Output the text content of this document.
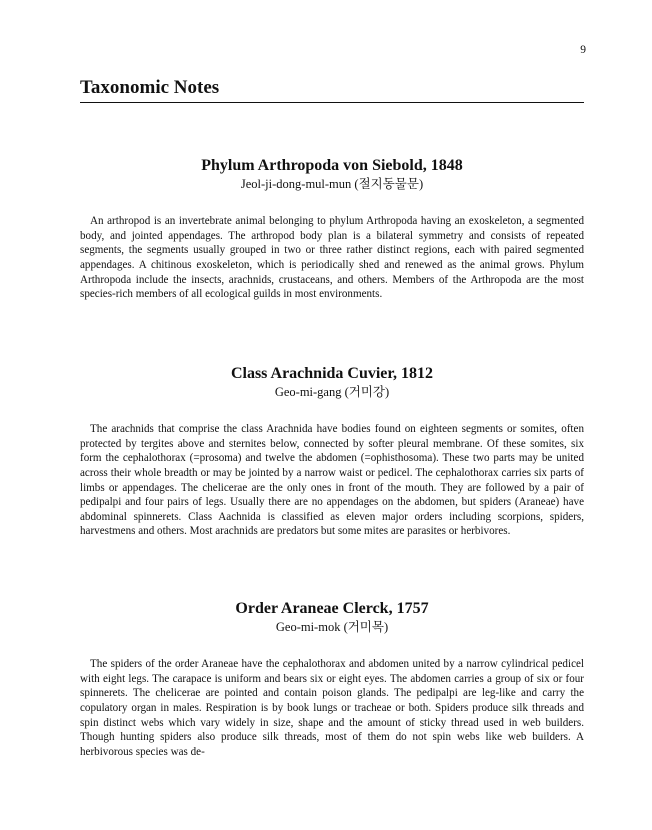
9
Taxonomic Notes
Phylum Arthropoda von Siebold, 1848

Jeol-ji-dong-mul-mun (절지동물문)

An arthropod is an invertebrate animal belonging to phylum Arthropoda having an exoskeleton, a segmented body, and jointed appendages. The arthropod body plan is a bilateral symmetry and consists of repeated segments, the segments usually grouped in two or three rather distinct regions, each with paired segmented appendages. A chitinous exoskeleton, which is periodically shed and renewed as the animal grows. Phylum Arthropoda include the insects, arachnids, crustaceans, and others. Members of the Arthropoda are the most species-rich members of all ecological guilds in most environments.

Class Arachnida Cuvier, 1812

Geo-mi-gang (거미강)

The arachnids that comprise the class Arachnida have bodies found on eighteen segments or somites, often protected by tergites above and sternites below, connected by softer pleural membrane. Of these somites, six form the cephalothorax (=prosoma) and twelve the abdomen (=ophisthosoma). These two parts may be united across their whole breadth or may be jointed by a narrow waist or pedicel. The cephalothorax carries six parts of limbs or appendages. The chelicerae are the only ones in front of the mouth. They are followed by a pair of pedipalpi and four pairs of legs. Usually there are no appendages on the abdomen, but spiders (Araneae) have abdominal spinnerets. Class Aachnida is classified as eleven major orders including scorpions, spiders, harvestmens and others. Most arachnids are predators but some mites are parasites or herbivores.

Order Araneae Clerck, 1757

Geo-mi-mok (거미목)

The spiders of the order Araneae have the cephalothorax and abdomen united by a narrow cylindrical pedicel with eight legs. The carapace is uniform and bears six or eight eyes. The abdomen carries a group of six or four spinnerets. The chelicerae are pointed and contain poison glands. The pedipalpi are leg-like and carry the copulatory organ in males. Respiration is by book lungs or tracheae or both. Spiders produce silk threads and spin distinct webs which vary widely in size, shape and the amount of sticky thread used in web builders. Though hunting spiders also produce silk threads, most of them do not spin webs like web builders. A herbivorous species was de-
